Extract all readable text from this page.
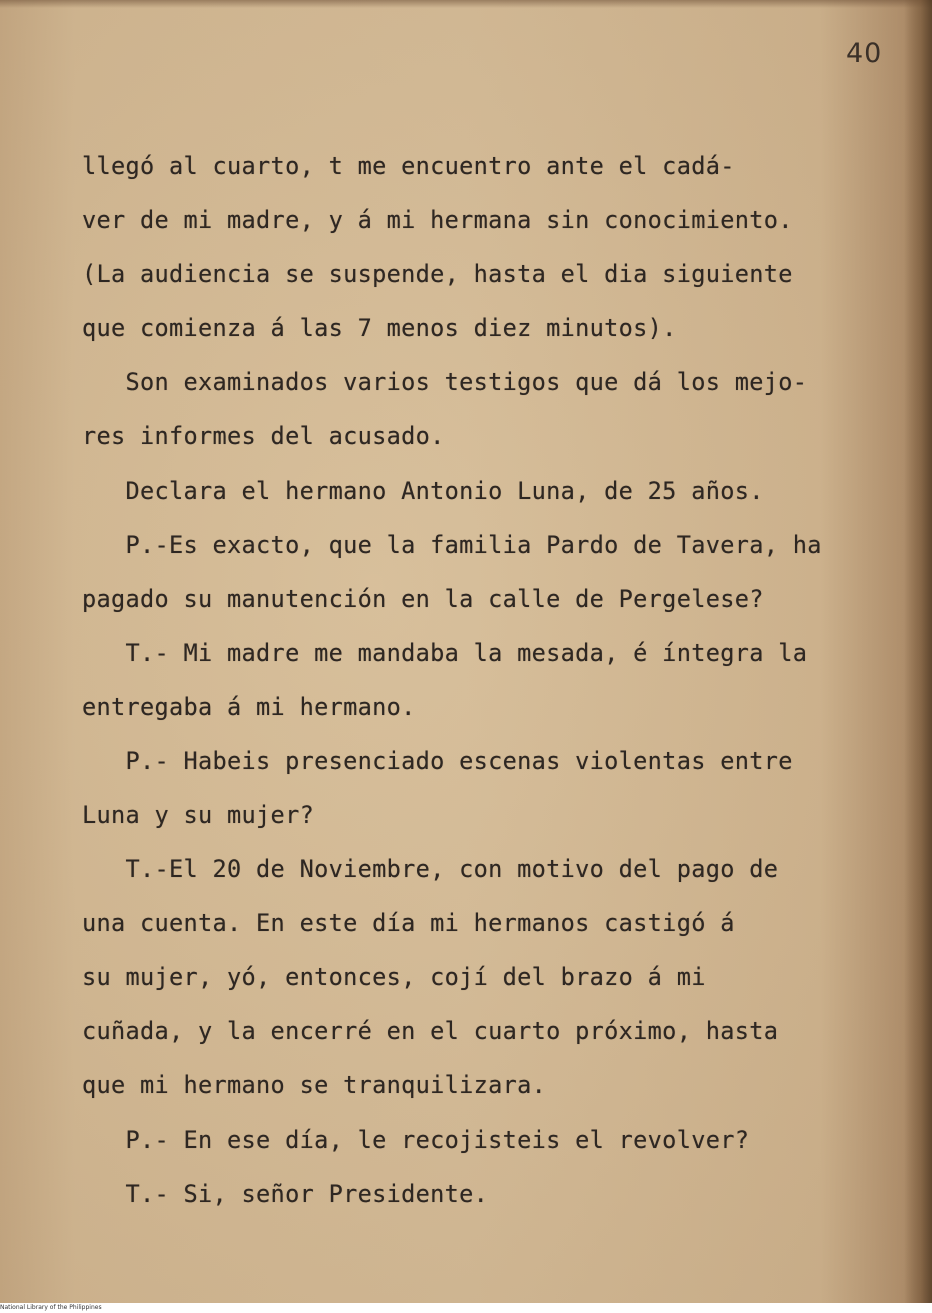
40
llegó al cuarto, t me encuentro ante el cadá-
ver de mi madre, y á mi hermana sin conocimiento.
(La audiencia se suspende, hasta el dia siguiente
que comienza á las 7 menos diez minutos).
Son examinados varios testigos que dá los mejo-
res informes del acusado.
Declara el hermano Antonio Luna, de 25 años.
P.-Es exacto, que la familia Pardo de Tavera, ha
pagado su manutención en la calle de Pergelese?
T.- Mi madre me mandaba la mesada, é íntegra la
entregaba á mi hermano.
P.- Habeis presenciado escenas violentas entre
Luna y su mujer?
T.-El 20 de Noviembre, con motivo del pago de
una cuenta. En este día mi hermanos castigó á
su mujer, yó, entonces, cojí del brazo á mi
cuñada, y la encerré en el cuarto próximo, hasta
que mi hermano se tranquilizara.
P.- En ese día, le recojisteis el revolver?
T.- Si, señor Presidente.
National Library of the Philippines
